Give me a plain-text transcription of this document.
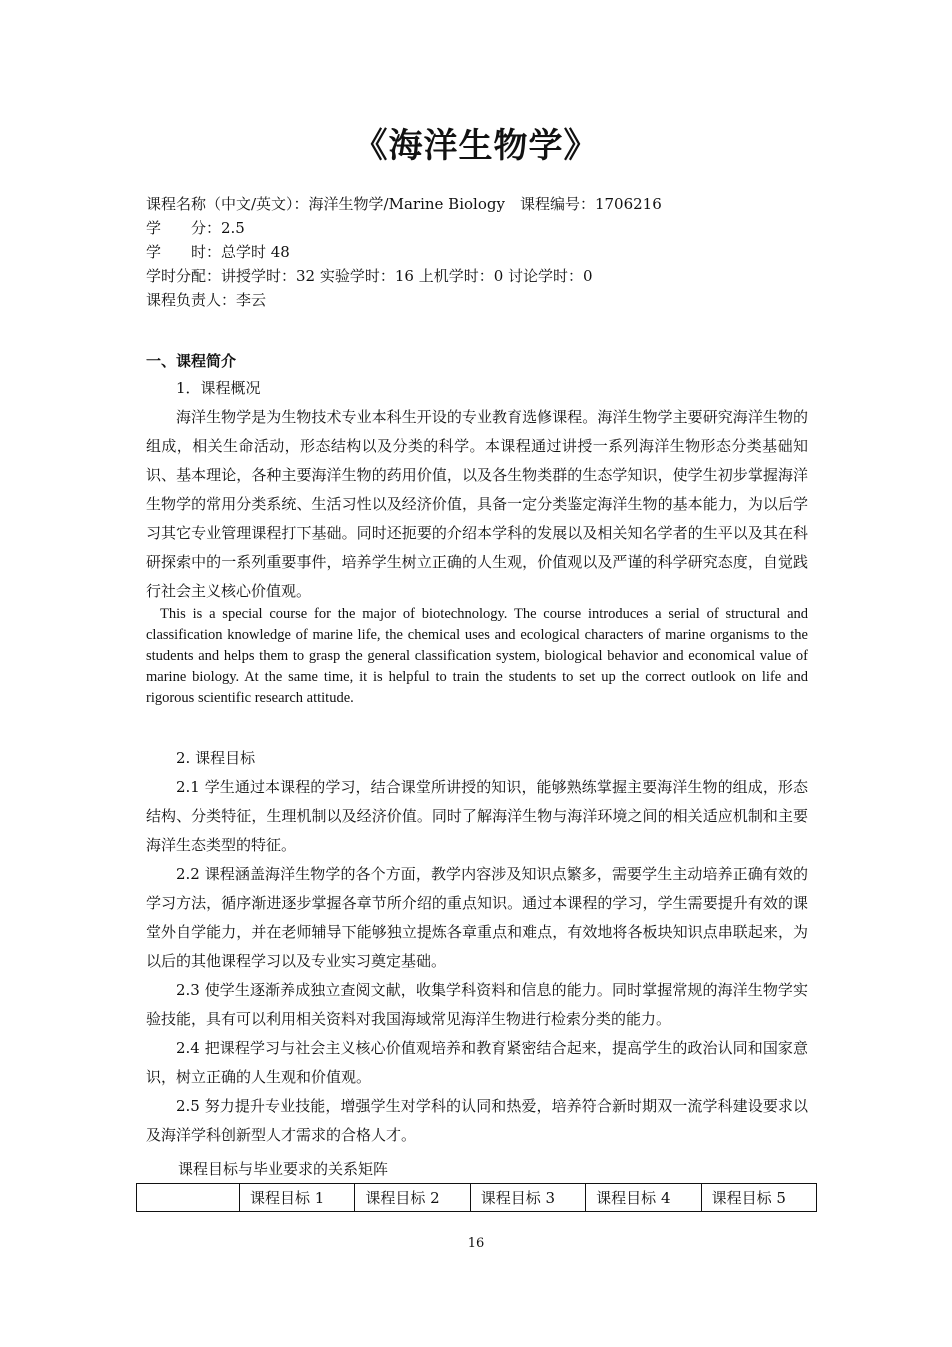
《海洋生物学》
课程名称（中文/英文）：海洋生物学/Marine Biology　课程编号：1706216
学　　分：2.5
学　　时：总学时 48
学时分配：讲授学时：32 实验学时：16 上机学时：0 讨论学时：0
课程负责人：李云
一、课程简介
1．课程概况

海洋生物学是为生物技术专业本科生开设的专业教育选修课程。海洋生物学主要研究海洋生物的组成，相关生命活动，形态结构以及分类的科学。本课程通过讲授一系列海洋生物形态分类基础知识、基本理论，各种主要海洋生物的药用价值，以及各生物类群的生态学知识，使学生初步掌握海洋生物学的常用分类系统、生活习性以及经济价值，具备一定分类鉴定海洋生物的基本能力，为以后学习其它专业管理课程打下基础。同时还扼要的介绍本学科的发展以及相关知名学者的生平以及其在科研探索中的一系列重要事件，培养学生树立正确的人生观，价值观以及严谨的科学研究态度，自觉践行社会主义核心价值观。

This is a special course for the major of biotechnology. The course introduces a serial of structural and classification knowledge of marine life, the chemical uses and ecological characters of marine organisms to the students and helps them to grasp the general classification system, biological behavior and economical value of marine biology. At the same time, it is helpful to train the students to set up the correct outlook on life and rigorous scientific research attitude.

2. 课程目标

2.1 学生通过本课程的学习，结合课堂所讲授的知识，能够熟练掌握主要海洋生物的组成，形态结构、分类特征，生理机制以及经济价值。同时了解海洋生物与海洋环境之间的相关适应机制和主要海洋生态类型的特征。

2.2 课程涵盖海洋生物学的各个方面，教学内容涉及知识点繁多，需要学生主动培养正确有效的学习方法，循序渐进逐步掌握各章节所介绍的重点知识。通过本课程的学习，学生需要提升有效的课堂外自学能力，并在老师辅导下能够独立提炼各章重点和难点，有效地将各板块知识点串联起来，为以后的其他课程学习以及专业实习奠定基础。

2.3 使学生逐渐养成独立查阅文献，收集学科资料和信息的能力。同时掌握常规的海洋生物学实验技能，具有可以利用相关资料对我国海域常见海洋生物进行检索分类的能力。

2.4 把课程学习与社会主义核心价值观培养和教育紧密结合起来，提高学生的政治认同和国家意识，树立正确的人生观和价值观。

2.5 努力提升专业技能，增强学生对学科的认同和热爱，培养符合新时期双一流学科建设要求以及海洋学科创新型人才需求的合格人才。

课程目标与毕业要求的关系矩阵
	课程目标 1	课程目标 2	课程目标 3	课程目标 4	课程目标 5
16
